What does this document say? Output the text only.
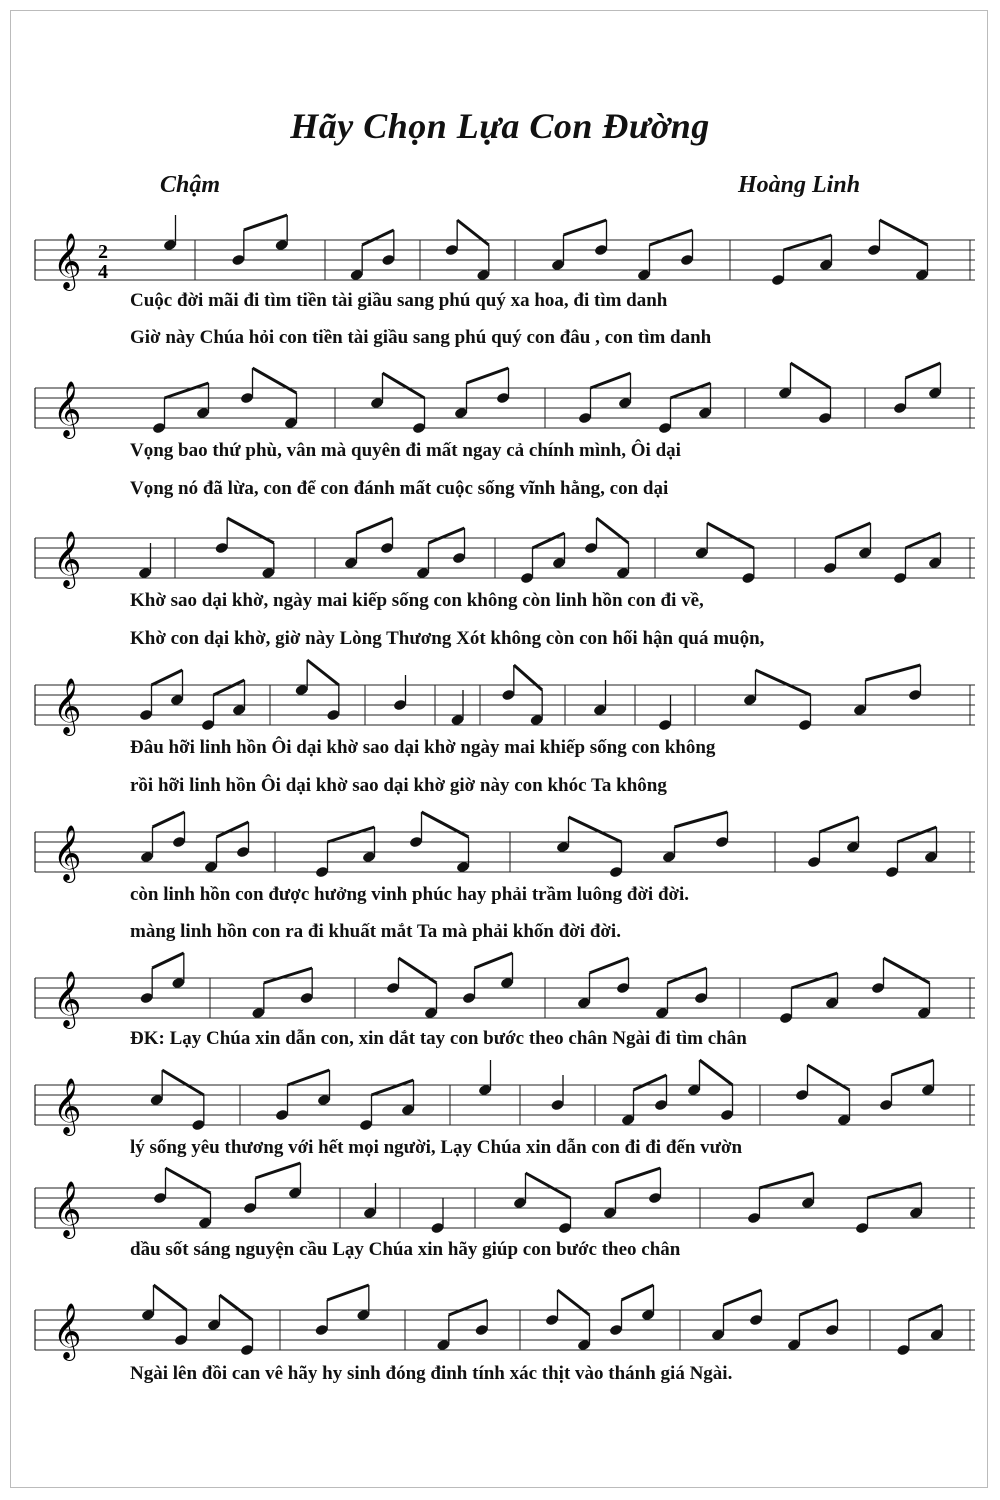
Hãy Chọn Lựa Con Đường
Chậm	Hoàng Linh
𝄞 2
4
Cuộc đời mãi đi tìm tiền tài giầu sang phú quý xa hoa, đi tìm danh
Giờ này Chúa hỏi con tiền tài giầu sang phú quý con đâu , con tìm danh
𝄞
Vọng bao thứ phù, vân mà quyên đi mất ngay cả chính mình, Ôi dại
Vọng nó đã lừa, con để con đánh mất cuộc sống vĩnh hằng, con dại
𝄞
Khờ sao dại khờ, ngày mai kiếp sống con không còn linh hồn con đi về,
Khờ con dại khờ, giờ này Lòng Thương Xót không còn con hối hận quá muộn,
𝄞
Đâu hỡi linh hồn Ôi dại khờ sao dại khờ ngày mai khiếp sống con không
rồi hỡi linh hồn Ôi dại khờ sao dại khờ giờ này con khóc Ta không
𝄞
còn linh hồn con được hưởng vinh phúc hay phải trầm luông đời đời.
màng linh hồn con ra đi khuất mắt Ta mà phải khốn đời đời.
𝄞
ĐK: Lạy Chúa xin dẫn con, xin dắt tay con bước theo chân Ngài đi tìm chân
𝄞
lý sống yêu thương với hết mọi người, Lạy Chúa xin dẫn con đi đi đến vườn
𝄞
dầu sốt sáng nguyện cầu Lạy Chúa xin hãy giúp con bước theo chân
𝄞
Ngài lên đồi can vê hãy hy sinh đóng đinh tính xác thịt vào thánh giá Ngài.
